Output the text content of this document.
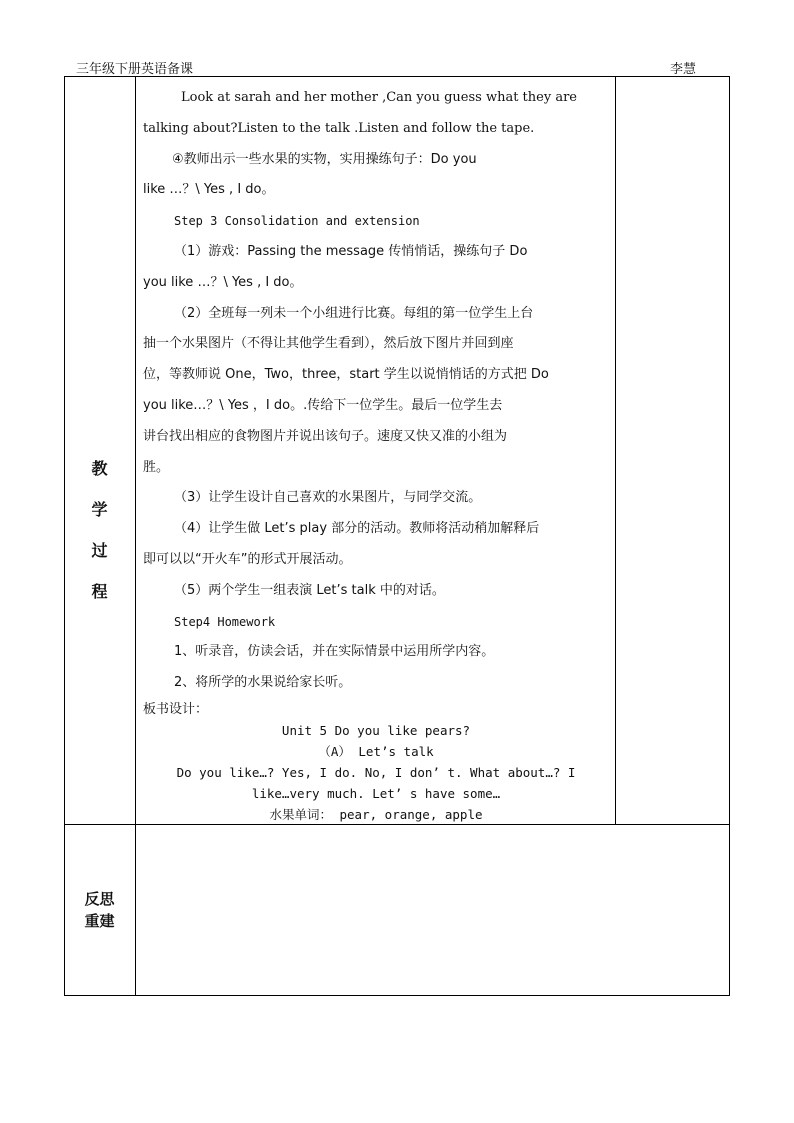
三年级下册英语备课	李慧
教
学
过
程
反思
重建
Look at sarah and her mother ,Can you guess what they are
talking about?Listen to the talk .Listen and follow the tape.
④教师出示一些水果的实物，实用操练句子：Do you
like …？\ Yes , I do。
Step 3 Consolidation and extension
（1）游戏：Passing the message 传悄悄话，操练句子 Do
you like …？\ Yes , I do。
（2）全班每一列未一个小组进行比赛。每组的第一位学生上台
抽一个水果图片（不得让其他学生看到），然后放下图片并回到座
位，等教师说 One，Two，three，start 学生以说悄悄话的方式把 Do
you like…？\ Yes ，I do。.传给下一位学生。最后一位学生去
讲台找出相应的食物图片并说出该句子。速度又快又准的小组为
胜。
（3）让学生设计自己喜欢的水果图片，与同学交流。
（4）让学生做 Let’s play 部分的活动。教师将活动稍加解释后
即可以以“开火车”的形式开展活动。
（5）两个学生一组表演 Let’s talk 中的对话。
Step4 Homework
1、听录音，仿读会话，并在实际情景中运用所学内容。
2、将所学的水果说给家长听。
板书设计：
Unit 5 Do you like pears?
（A） Let’s talk
Do you like…? Yes, I do. No, I don’ t. What about…? I
like…very much. Let’ s have some…
水果单词： pear, orange, apple
